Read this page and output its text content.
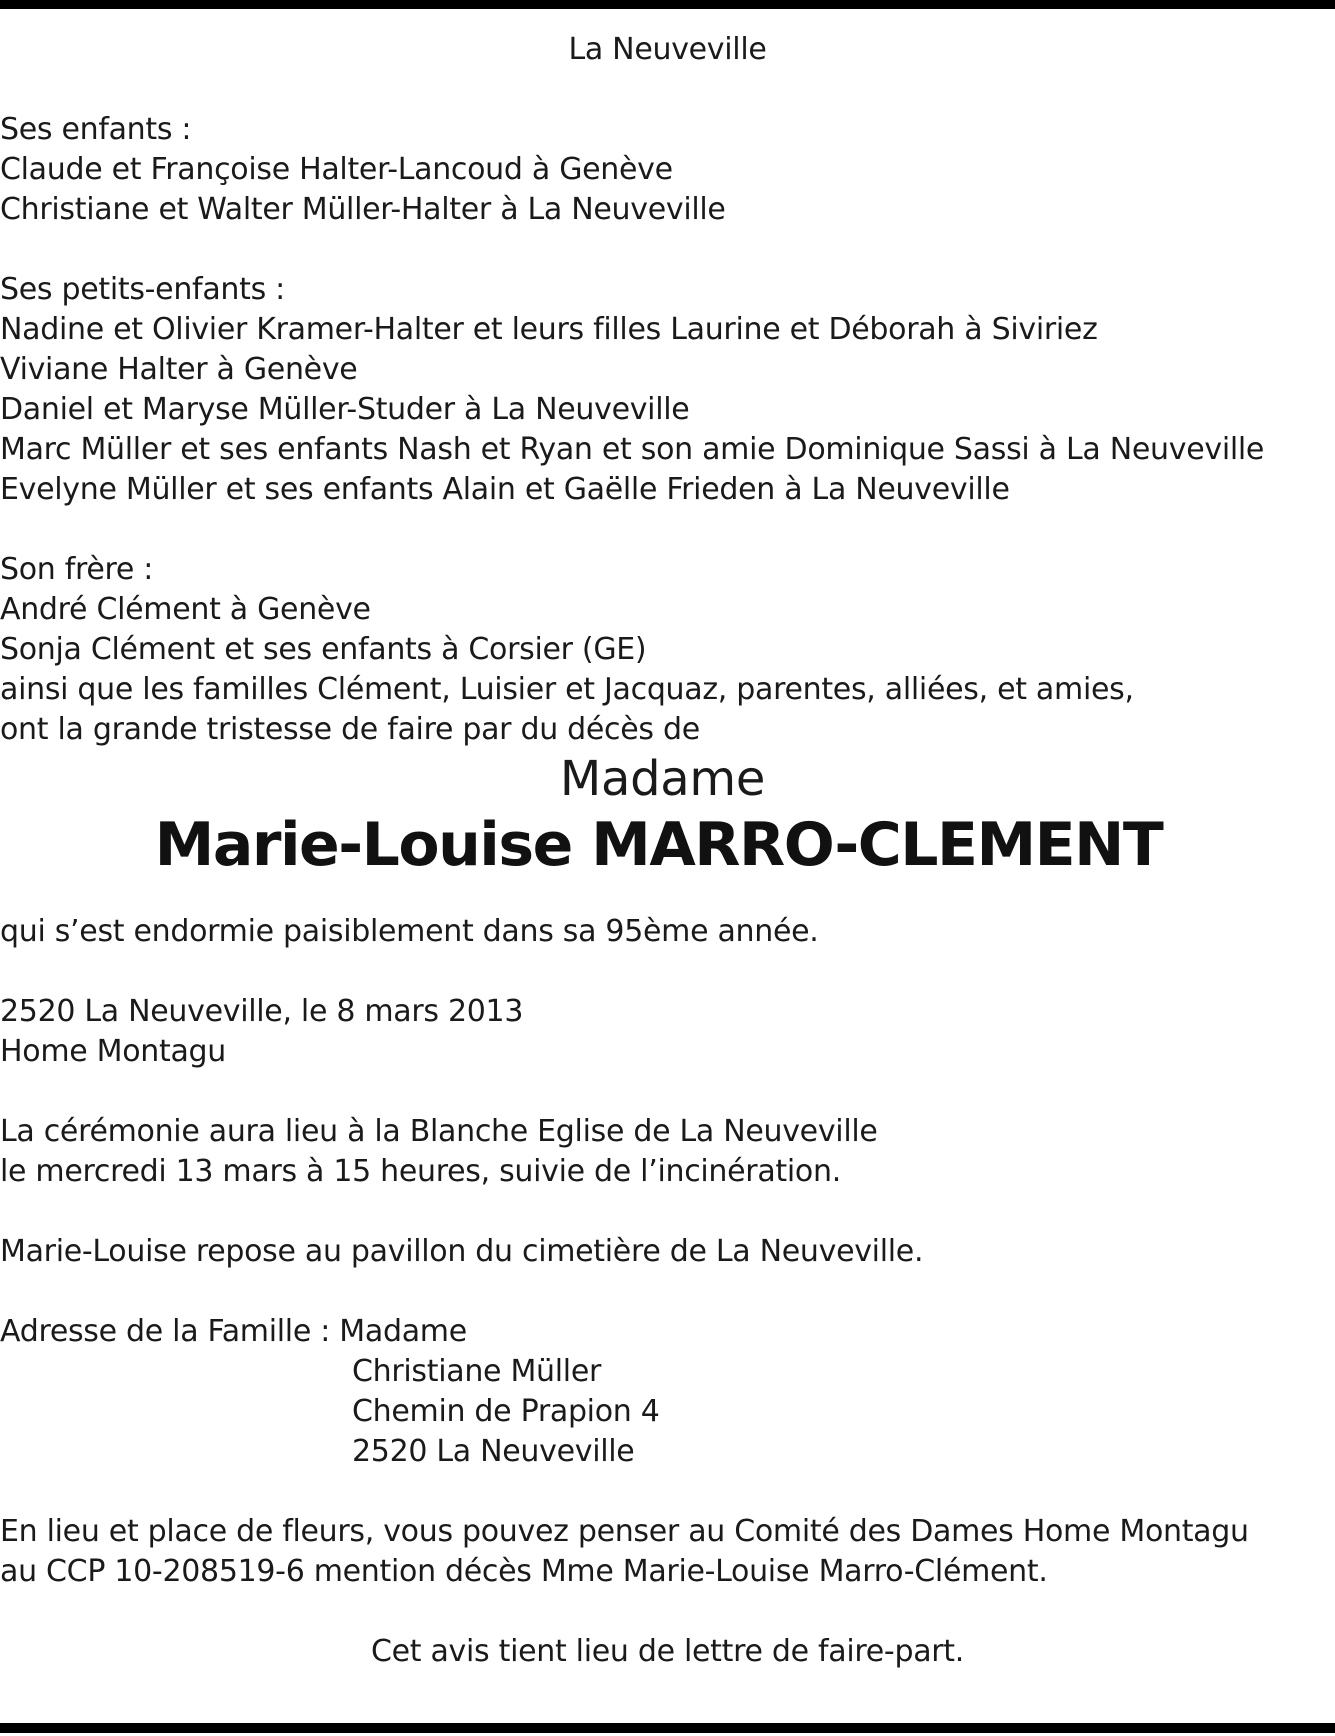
La Neuveville
Ses enfants :
Claude et Françoise Halter-Lancoud à Genève
Christiane et Walter Müller-Halter à La Neuveville
Ses petits-enfants :
Nadine et Olivier Kramer-Halter et leurs filles Laurine et Déborah à Siviriez
Viviane Halter à Genève
Daniel et Maryse Müller-Studer à La Neuveville
Marc Müller et ses enfants Nash et Ryan et son amie Dominique Sassi à La Neuveville
Evelyne Müller et ses enfants Alain et Gaëlle Frieden à La Neuveville
Son frère :
André Clément à Genève
Sonja Clément et ses enfants à Corsier (GE)
ainsi que les familles Clément, Luisier et Jacquaz, parentes, alliées, et amies,
ont la grande tristesse de faire par du décès de
Madame
Marie-Louise MARRO-CLEMENT
qui s’est endormie paisiblement dans sa 95ème année.
2520 La Neuveville, le 8 mars 2013
Home Montagu
La cérémonie aura lieu à la Blanche Eglise de La Neuveville
le mercredi 13 mars à 15 heures, suivie de l’incinération.
Marie-Louise repose au pavillon du cimetière de La Neuveville.
Adresse de la Famille : Madame
Christiane Müller
Chemin de Prapion 4
2520 La Neuveville
En lieu et place de fleurs, vous pouvez penser au Comité des Dames Home Montagu
au CCP 10-208519-6 mention décès Mme Marie-Louise Marro-Clément.
Cet avis tient lieu de lettre de faire-part.
